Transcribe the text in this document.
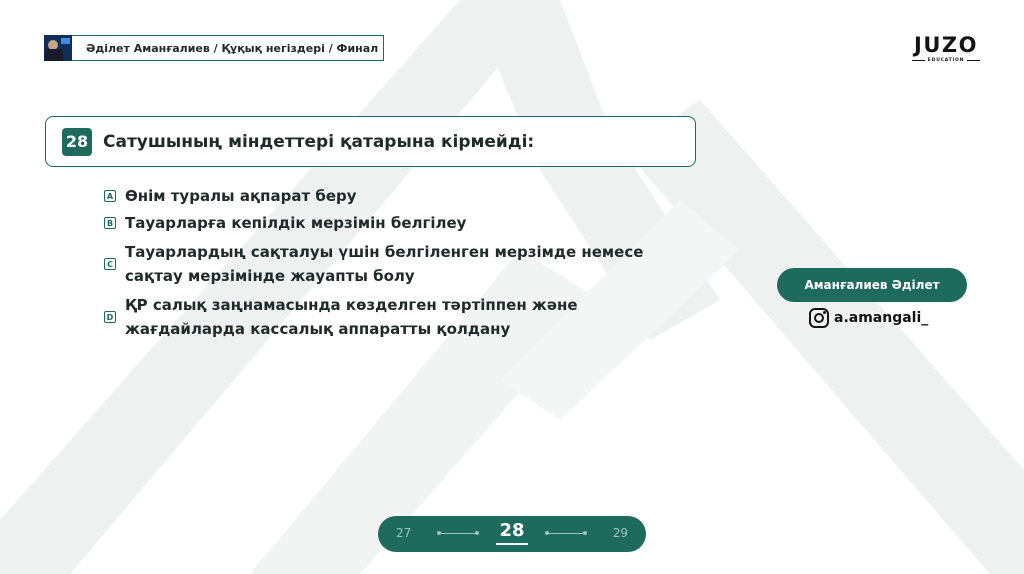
Әділет Аманғалиев / Құқық негіздері / Финал	JUZO
EDUCATION
28 Сатушының міндеттері қатарына кірмейді:
A Өнім туралы ақпарат беру
B Тауарларға кепілдік мерзімін белгілеу
C
Тауарлардың сақталуы үшін белгіленген мерзімде немесе
сақтау мерзімінде жауапты болу
D
ҚР салық заңнамасында көзделген тәртіппен және
жағдайларда кассалық аппаратты қолдану
Аманғалиев Әділет
a.amangali_
27	28	29
